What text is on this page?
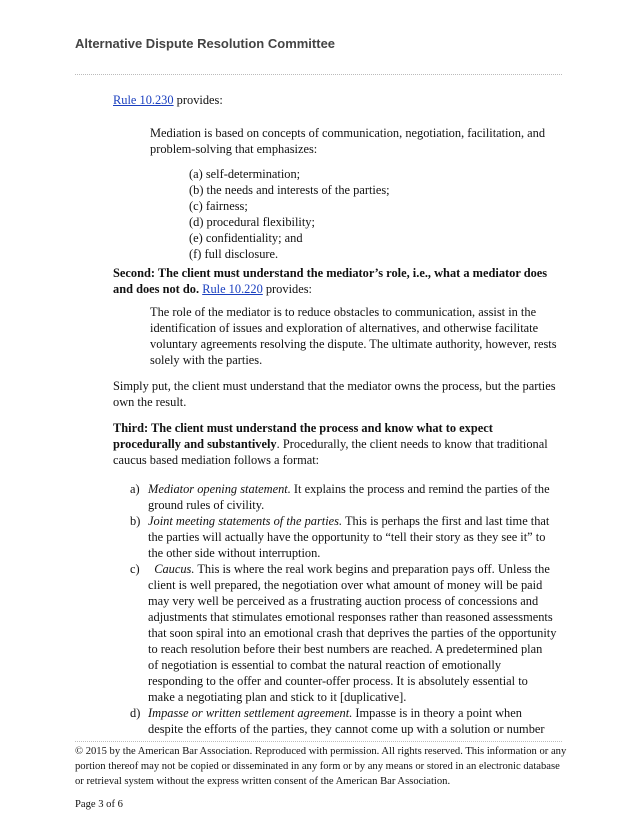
Alternative Dispute Resolution Committee
Rule 10.230 provides:
Mediation is based on concepts of communication, negotiation, facilitation, and
problem-solving that emphasizes:
(a) self-determination;
(b) the needs and interests of the parties;
(c) fairness;
(d) procedural flexibility;
(e) confidentiality; and
(f) full disclosure.
Second: The client must understand the mediator’s role, i.e., what a mediator does
and does not do. Rule 10.220 provides:
The role of the mediator is to reduce obstacles to communication, assist in the
identification of issues and exploration of alternatives, and otherwise facilitate
voluntary agreements resolving the dispute. The ultimate authority, however, rests
solely with the parties.
Simply put, the client must understand that the mediator owns the process, but the parties
own the result.
Third: The client must understand the process and know what to expect
procedurally and substantively. Procedurally, the client needs to know that traditional
caucus based mediation follows a format:
a) Mediator opening statement. It explains the process and remind the parties of the
ground rules of civility.
b) Joint meeting statements of the parties. This is perhaps the first and last time that
the parties will actually have the opportunity to “tell their story as they see it” to
the other side without interruption.
c)	Caucus. This is where the real work begins and preparation pays off. Unless the
client is well prepared, the negotiation over what amount of money will be paid
may very well be perceived as a frustrating auction process of concessions and
adjustments that stimulates emotional responses rather than reasoned assessments
that soon spiral into an emotional crash that deprives the parties of the opportunity
to reach resolution before their best numbers are reached. A predetermined plan
of negotiation is essential to combat the natural reaction of emotionally
responding to the offer and counter-offer process. It is absolutely essential to
make a negotiating plan and stick to it [duplicative].
d) Impasse or written settlement agreement. Impasse is in theory a point when
despite the efforts of the parties, they cannot come up with a solution or number
© 2015 by the American Bar Association. Reproduced with permission. All rights reserved. This information or any
portion thereof may not be copied or disseminated in any form or by any means or stored in an electronic database
or retrieval system without the express written consent of the American Bar Association.
Page 3 of 6
